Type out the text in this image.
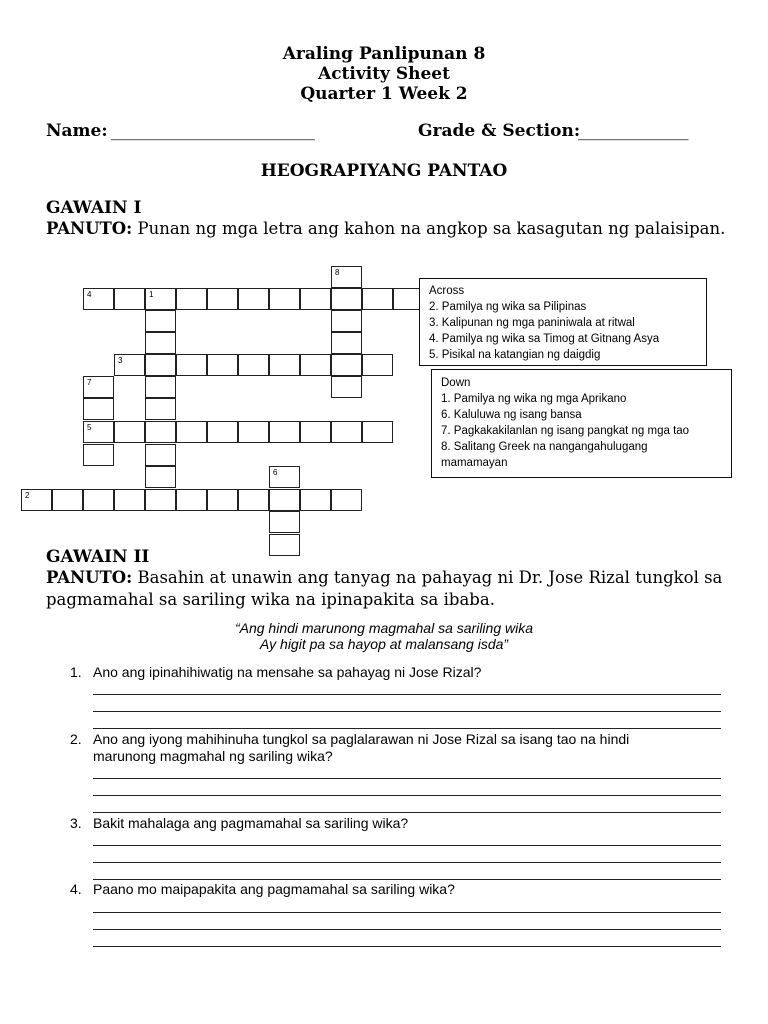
Araling Panlipunan 8
Activity Sheet
Quarter 1 Week 2
Name: ________________________	Grade & Section:
_____________
HEOGRAPIYANG PANTAO
GAWAIN I
PANUTO: Punan ng mga letra ang kahon na angkop sa kasagutan ng palaisipan.
4	1
8
3
7
5
6
2
Across
2. Pamilya ng wika sa Pilipinas
3. Kalipunan ng mga paniniwala at ritwal
4. Pamilya ng wika sa Timog at Gitnang Asya
5. Pisikal na katangian ng daigdig
Down
1. Pamilya ng wika ng mga Aprikano
6. Kaluluwa ng isang bansa
7. Pagkakakilanlan ng isang pangkat ng mga tao
8. Salitang Greek na nangangahulugang
mamamayan
GAWAIN II
PANUTO: Basahin at unawin ang tanyag na pahayag ni Dr. Jose Rizal tungkol sa
pagmamahal sa sariling wika na ipinapakita sa ibaba.
“Ang hindi marunong magmahal sa sariling wika
Ay higit pa sa hayop at malansang isda”
1. Ano ang ipinahihiwatig na mensahe sa pahayag ni Jose Rizal?
2. Ano ang iyong mahihinuha tungkol sa paglalarawan ni Jose Rizal sa isang tao na hindi
marunong magmahal ng sariling wika?
3. Bakit mahalaga ang pagmamahal sa sariling wika?
4. Paano mo maipapakita ang pagmamahal sa sariling wika?
